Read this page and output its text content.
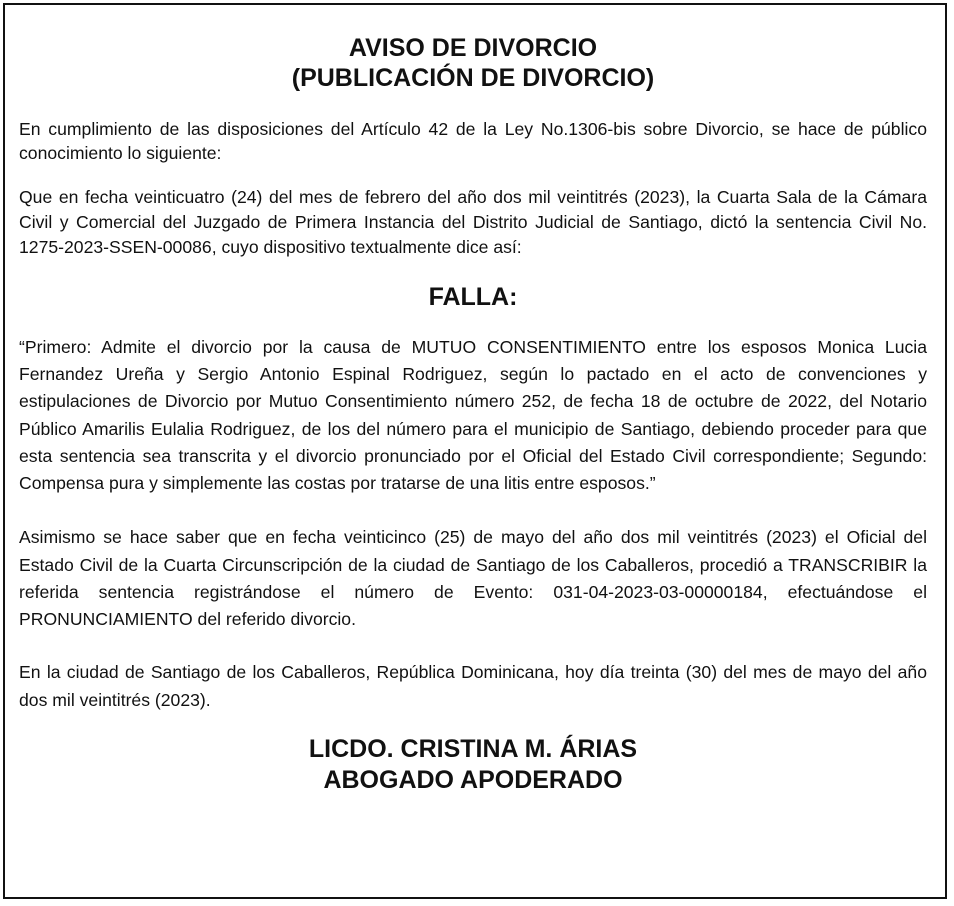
AVISO DE DIVORCIO
(PUBLICACIÓN DE DIVORCIO)

En cumplimiento de las disposiciones del Artículo 42 de la Ley No.1306-bis sobre Divorcio, se hace de público conocimiento lo siguiente:

Que en fecha veinticuatro (24) del mes de febrero del año dos mil veintitrés (2023), la Cuarta Sala de la Cámara Civil y Comercial del Juzgado de Primera Instancia del Distrito Judicial de Santiago, dictó la sentencia Civil No. 1275-2023-SSEN-00086, cuyo dispositivo textualmente dice así:

FALLA:

“Primero: Admite el divorcio por la causa de MUTUO CONSENTIMIENTO entre los esposos Monica Lucia Fernandez Ureña y Sergio Antonio Espinal Rodriguez, según lo pactado en el acto de convenciones y estipulaciones de Divorcio por Mutuo Consentimiento número 252, de fecha 18 de octubre de 2022, del Notario Público Amarilis Eulalia Rodriguez, de los del número para el municipio de Santiago, debiendo proceder para que esta sentencia sea transcrita y el divorcio pronunciado por el Oficial del Estado Civil correspondiente; Segundo: Compensa pura y simplemente las costas por tratarse de una litis entre esposos.”

Asimismo se hace saber que en fecha veinticinco (25) de mayo del año dos mil veintitrés (2023) el Oficial del Estado Civil de la Cuarta Circunscripción de la ciudad de Santiago de los Caballeros, procedió a TRANSCRIBIR la referida sentencia registrándose el número de Evento: 031-04-2023-03-00000184, efectuándose el PRONUNCIAMIENTO del referido divorcio.

En la ciudad de Santiago de los Caballeros, República Dominicana, hoy día treinta (30) del mes de mayo del año dos mil veintitrés (2023).

LICDO. CRISTINA M. ÁRIAS
ABOGADO APODERADO
